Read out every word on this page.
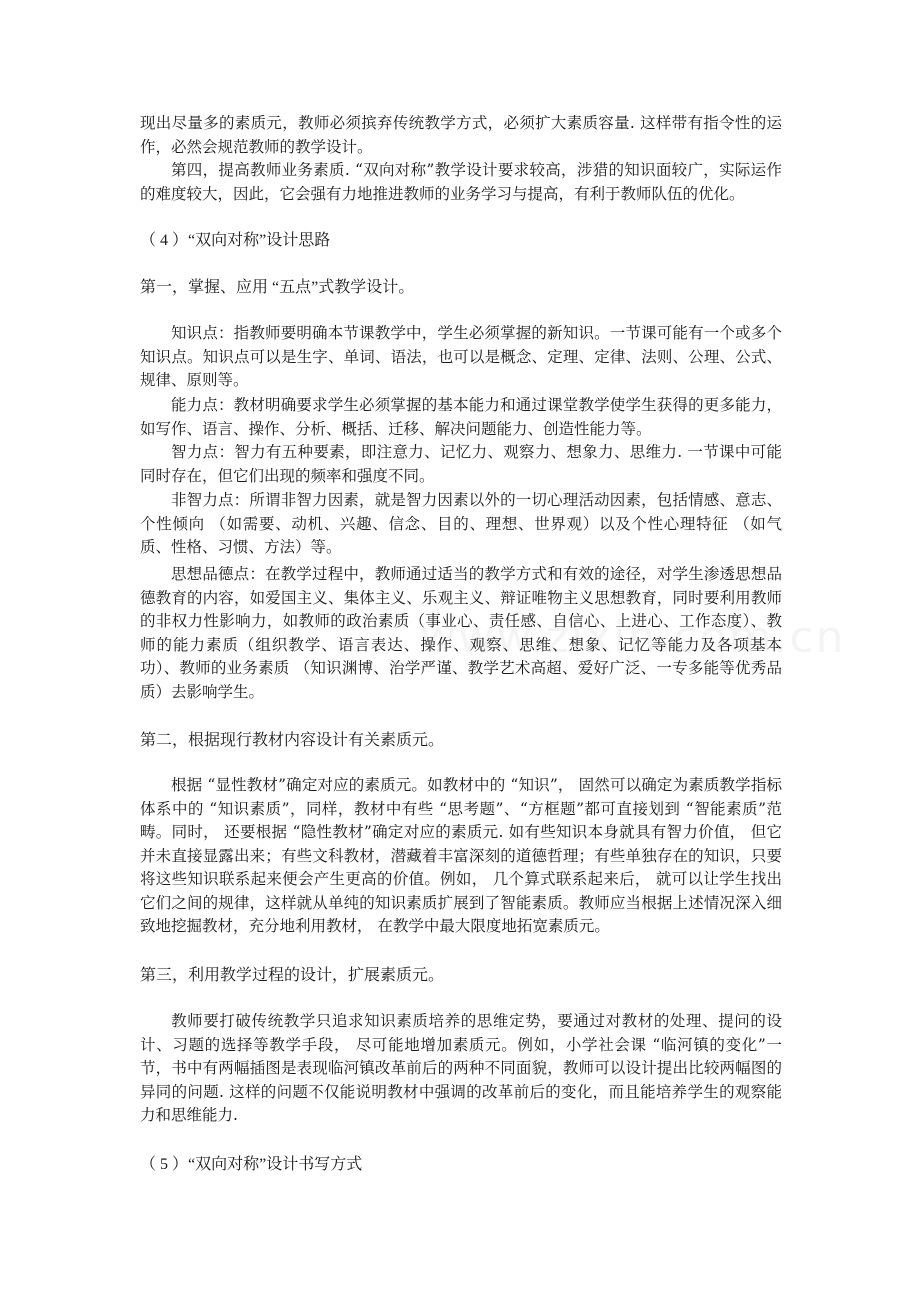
现出尽量多的素质元，教师必须摈弃传统教学方式，必须扩大素质容量. 这样带有指令性的运作，必然会规范教师的教学设计。

第四，提高教师业务素质. “双向对称”教学设计要求较高，涉猎的知识面较广，实际运作的难度较大，因此，它会强有力地推进教师的业务学习与提高，有利于教师队伍的优化。

（ 4 ）“双向对称”设计思路

第一，掌握、应用 “五点”式教学设计。

知识点：指教师要明确本节课教学中，学生必须掌握的新知识。一节课可能有一个或多个知识点。知识点可以是生字、单词、语法，也可以是概念、定理、定律、法则、公理、公式、规律、原则等。

能力点：教材明确要求学生必须掌握的基本能力和通过课堂教学使学生获得的更多能力，如写作、语言、操作、分析、概括、迁移、解决问题能力、创造性能力等。

智力点：智力有五种要素，即注意力、记忆力、观察力、想象力、思维力. 一节课中可能同时存在，但它们出现的频率和强度不同。

非智力点：所谓非智力因素，就是智力因素以外的一切心理活动因素，包括情感、意志、个性倾向 （如需要、动机、兴趣、信念、目的、理想、世界观）以及个性心理特征 （如气质、性格、习惯、方法）等。

思想品德点：在教学过程中，教师通过适当的教学方式和有效的途径，对学生渗透思想品德教育的内容，如爱国主义、集体主义、乐观主义、辩证唯物主义思想教育，同时要利用教师的非权力性影响力，如教师的政治素质（事业心、责任感、自信心、上进心、工作态度）、教师的能力素质（组织教学、语言表达、操作、观察、思维、想象、记忆等能力及各项基本功）、教师的业务素质 （知识渊博、治学严谨、教学艺术高超、爱好广泛、一专多能等优秀品质）去影响学生。

第二，根据现行教材内容设计有关素质元。

根据 “显性教材”确定对应的素质元。如教材中的 “知识”， 固然可以确定为素质教学指标体系中的 “知识素质”，同样，教材中有些 “思考题”、“方框题”都可直接划到 “智能素质”范畴。同时， 还要根据 “隐性教材”确定对应的素质元. 如有些知识本身就具有智力价值， 但它并未直接显露出来；有些文科教材，潜藏着丰富深刻的道德哲理；有些单独存在的知识，只要将这些知识联系起来便会产生更高的价值。例如， 几个算式联系起来后， 就可以让学生找出它们之间的规律，这样就从单纯的知识素质扩展到了智能素质。教师应当根据上述情况深入细致地挖掘教材，充分地利用教材， 在教学中最大限度地拓宽素质元。

第三，利用教学过程的设计，扩展素质元。

教师要打破传统教学只追求知识素质培养的思维定势，要通过对教材的处理、提问的设计、习题的选择等教学手段， 尽可能地增加素质元。例如，小学社会课 “临河镇的变化”一节，书中有两幅插图是表现临河镇改革前后的两种不同面貌，教师可以设计提出比较两幅图的异同的问题. 这样的问题不仅能说明教材中强调的改革前后的变化，而且能培养学生的观察能力和思维能力.

（ 5 ）“双向对称”设计书写方式
